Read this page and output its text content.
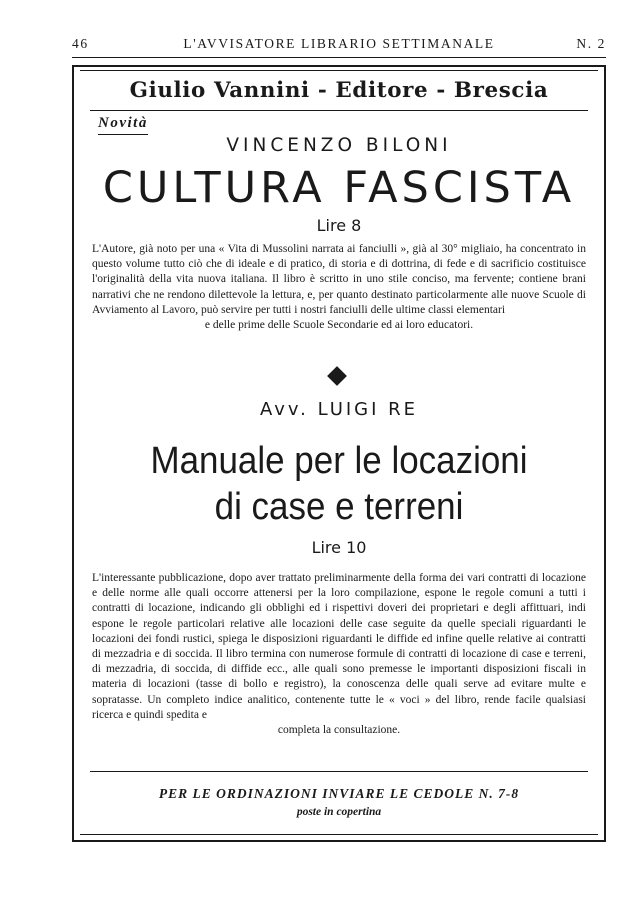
46	L'AVVISATORE LIBRARIO SETTIMANALE	N. 2
Giulio Vannini - Editore - Brescia
Novità
VINCENZO BILONI
CULTURA FASCISTA
Lire 8
L'Autore, già noto per una « Vita di Mussolini narrata ai fanciulli », già al 30° migliaio, ha concentrato in questo volume tutto ciò che di ideale e di pratico, di storia e di dottrina, di fede e di sacrificio costituisce l'originalità della vita nuova italiana. Il libro è scritto in uno stile conciso, ma fervente; contiene brani narrativi che ne rendono dilettevole la lettura, e, per quanto destinato particolarmente alle nuove Scuole di Avviamento al Lavoro, può servire per tutti i nostri fanciulli delle ultime classi elementari
e delle prime delle Scuole Secondarie ed ai loro educatori.
Avv. LUIGI RE
Manuale per le locazioni
di case e terreni
Lire 10
L'interessante pubblicazione, dopo aver trattato preliminarmente della forma dei vari contratti di locazione e delle norme alle quali occorre attenersi per la loro compilazione, espone le regole comuni a tutti i contratti di locazione, indicando gli obblighi ed i rispettivi doveri dei proprietari e degli affittuari, indi espone le regole particolari relative alle locazioni delle case seguite da quelle speciali riguardanti le locazioni dei fondi rustici, spiega le disposizioni riguardanti le diffide ed infine quelle relative ai contratti di mezzadria e di soccida. Il libro termina con numerose formule di contratti di locazione di case e terreni, di mezzadria, di soccida, di diffide ecc., alle quali sono premesse le importanti disposizioni fiscali in materia di locazioni (tasse di bollo e registro), la conoscenza delle quali serve ad evitare multe e sopratasse. Un completo indice analitico, contenente tutte le « voci » del libro, rende facile qualsiasi ricerca e quindi spedita e
completa la consultazione.
PER LE ORDINAZIONI INVIARE LE CEDOLE N. 7-8
poste in copertina
